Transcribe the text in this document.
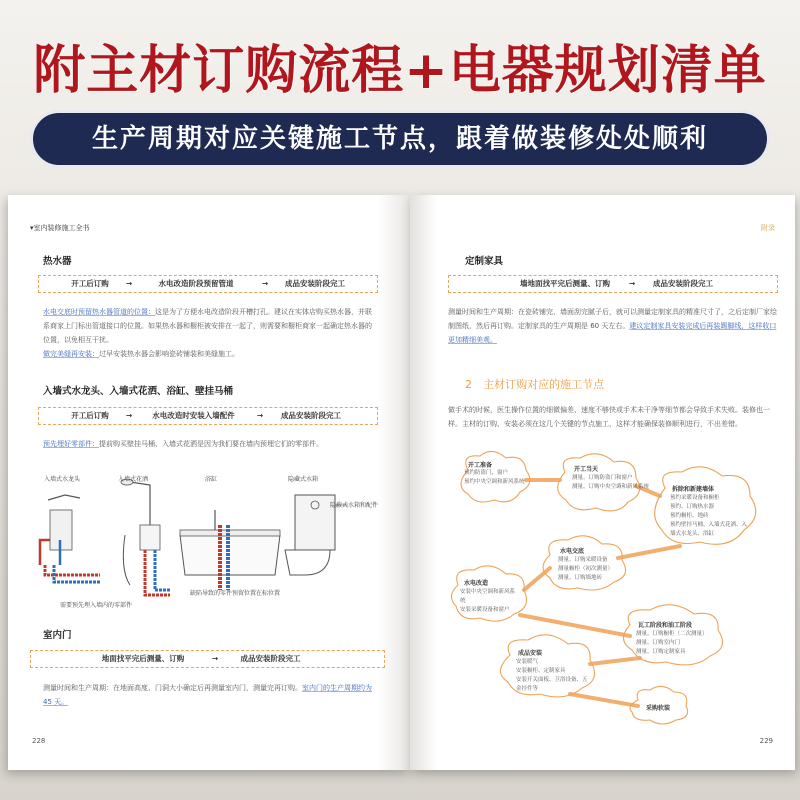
附主材订购流程+电器规划清单
生产周期对应关键施工节点，跟着做装修处处顺利
▾室内装修施工全书
热水器
开工后订购	→	水电改造阶段预留管道	→	成品安装阶段完工
水电交底时预留热水器管道的位置：这是为了方便水电改造阶段开槽打孔。建议在实体店购买热水器，并联系商家上门标出管道接口的位置。如果热水器和橱柜被安排在一起了，则需要和橱柜商家一起确定热水器的位置，以免相互干扰。
做完美缝再安装：过早安装热水器会影响瓷砖铺装和美缝施工。
入墙式水龙头、入墙式花洒、浴缸、壁挂马桶
开工后订购	→	水电改造时安装入墙配件	→	成品安装阶段完工
预先埋好零部件：提前购买壁挂马桶、入墙式花洒是因为我们要在墙内预埋它们的零部件。
入墙式水龙头	入墙式花洒	浴缸	隐藏式水箱
隐蔽式水箱和配件
需要预先埋入墙内的零部件
缺陷导致的零件预留位置在标位置
室内门
地面找平完后测量、订购	→	成品安装阶段完工
测量时间和生产周期：在地面高度、门洞大小确定后再测量室内门，测量完再订购。室内门的生产周期约为 45 天。
228
附录
定制家具
墙地面找平完后测量、订购	→	成品安装阶段完工
测量时间和生产周期：在瓷砖铺完、墙面刮完腻子后，就可以测量定制家具的精准尺寸了，之后定制厂家绘制图纸，然后再订购。定制家具的生产周期是 60 天左右。建议定制家具安装完成后再装踢脚线，这样收口更加精细美观。
2 主材订购对应的施工节点
做手术的时候，医生操作位置的细微偏差、速度不够快或手术未干净等细节都会导致手术失败。装修也一样。主材的订购、安装必须在这几个关键的节点施工，这样才能确保装修顺利进行，不出差错。
开工准备
预约防盗门、窗户
预约中央空调和新风系统
开工当天
测量、订购防盗门和窗户
测量、订购中央空调和新风系统	拆除和新建墙体
预约采暖设备和橱柜
预约、订购热水器
预约橱柜、地砖
预约壁挂马桶、入墙式花洒、入墙式水龙头、浴缸
水电交底
测量、订购采暖设备
测量橱柜（初次测量）
测量、订购墙地砖
水电改造
安装中央空调和新风系统
安装采暖设备和窗户
瓦工阶段和油工阶段
测量、订购橱柜（二次测量）
测量、订购室内门
测量、订购定制家具
成品安装
安装暖气
安装橱柜、定制家具
安装开关面板、卫浴设备、五金挂件等
采购软装
229
